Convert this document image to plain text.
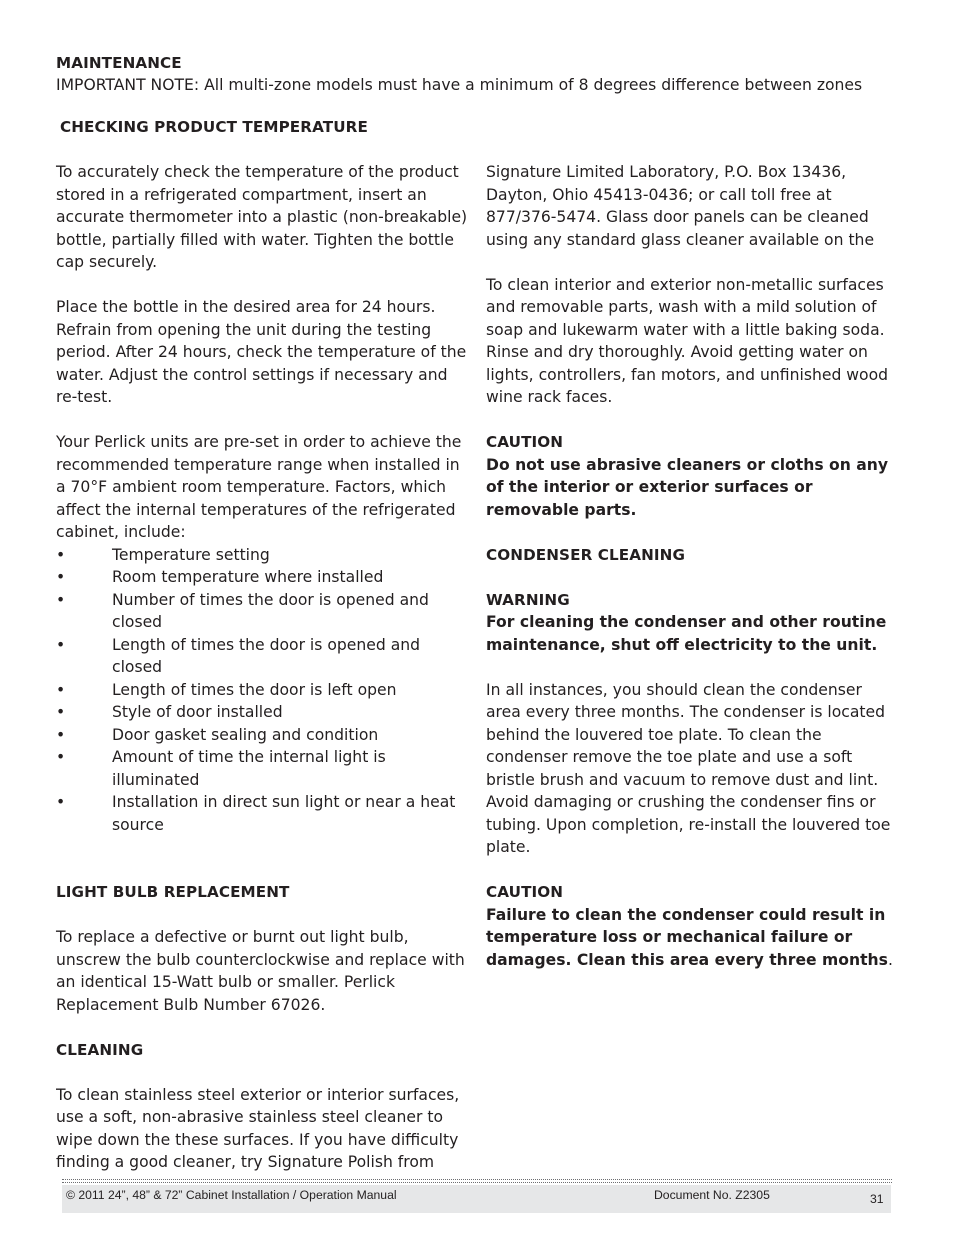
MAINTENANCE
IMPORTANT NOTE: All multi-zone models must have a minimum of 8 degrees difference between zones
CHECKING PRODUCT TEMPERATURE

To accurately check the temperature of the product stored in a refrigerated compartment, insert an accurate thermometer into a plastic (non-breakable) bottle, partially filled with water. Tighten the bottle cap securely.

Place the bottle in the desired area for 24 hours. Refrain from opening the unit during the testing period. After 24 hours, check the temperature of the water. Adjust the control settings if necessary and re-test.

Your Perlick units are pre-set in order to achieve the recommended temperature range when installed in a 70°F ambient room temperature. Factors, which affect the internal temperatures of the refrigerated cabinet, include:

•	Temperature setting
•	Room temperature where installed
•	Number of times the door is opened and closed
•	Length of times the door is opened and closed
•	Length of times the door is left open
•	Style of door installed
•	Door gasket sealing and condition
•	Amount of time the internal light is illuminated
•	Installation in direct sun light or near a heat source
LIGHT BULB REPLACEMENT

To replace a defective or burnt out light bulb, unscrew the bulb counterclockwise and replace with an identical 15-Watt bulb or smaller. Perlick Replacement Bulb Number 67026.

CLEANING

To clean stainless steel exterior or interior surfaces, use a soft, non-abrasive stainless steel cleaner to wipe down the these surfaces. If you have difficulty finding a good cleaner, try Signature Polish from

Signature Limited Laboratory, P.O. Box 13436, Dayton, Ohio 45413-0436; or call toll free at 877/376-5474. Glass door panels can be cleaned using any standard glass cleaner available on the

To clean interior and exterior non-metallic surfaces and removable parts, wash with a mild solution of soap and lukewarm water with a little baking soda. Rinse and dry thoroughly. Avoid getting water on lights, controllers, fan motors, and unfinished wood wine rack faces.

CAUTION

Do not use abrasive cleaners or cloths on any of the interior or exterior surfaces or removable parts.

CONDENSER CLEANING
WARNING

For cleaning the condenser and other routine maintenance, shut off electricity to the unit.

In all instances, you should clean the condenser area every three months. The condenser is located behind the louvered toe plate. To clean the condenser remove the toe plate and use a soft bristle brush and vacuum to remove dust and lint. Avoid damaging or crushing the condenser fins or tubing. Upon completion, re-install the louvered toe plate.

CAUTION

Failure to clean the condenser could result in temperature loss or mechanical failure or damages. Clean this area every three months.

© 2011 24”, 48” & 72” Cabinet Installation / Operation Manual	Document No. Z2305	31
